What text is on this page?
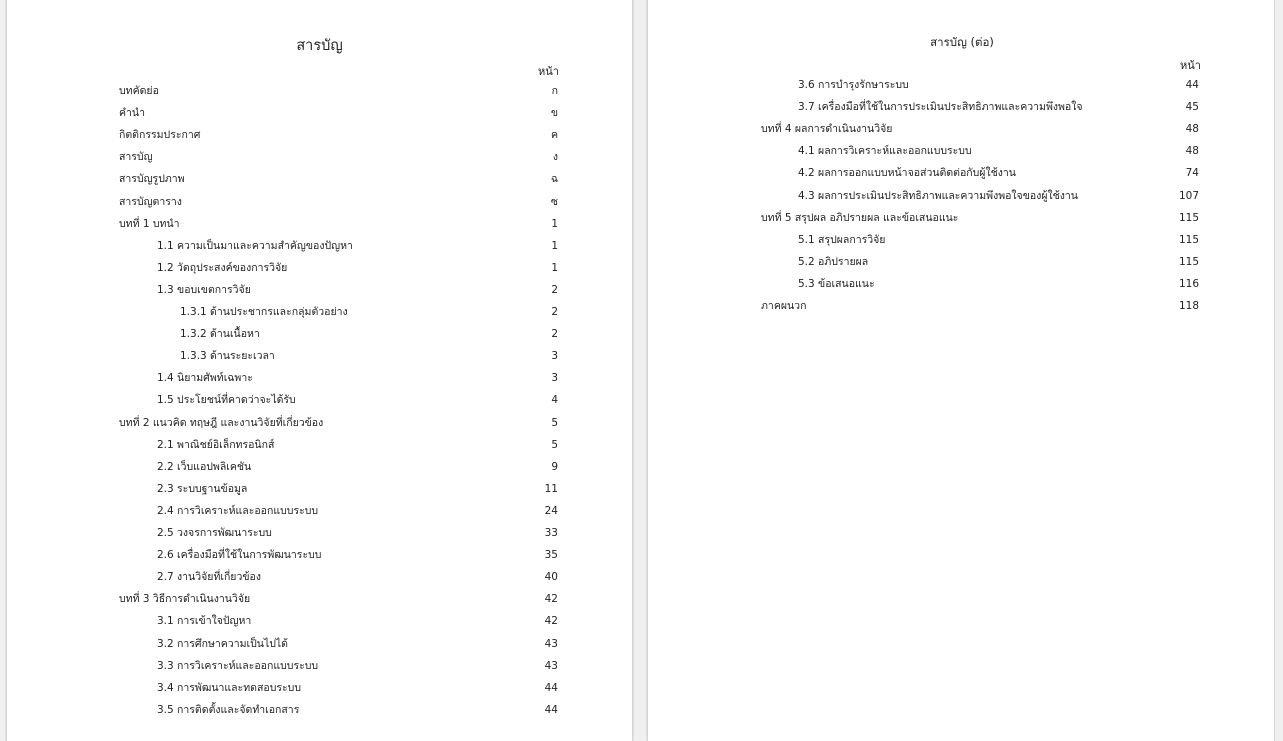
สารบัญ
หน้า
บทคัดย่อ	ก
คำนำ	ข
กิตติกรรมประกาศ	ค
สารบัญ	ง
สารบัญรูปภาพ	ฉ
สารบัญตาราง	ซ
บทที่ 1 บทนำ	1
1.1 ความเป็นมาและความสำคัญของปัญหา	1
1.2 วัตถุประสงค์ของการวิจัย	1
1.3 ขอบเขตการวิจัย	2
1.3.1 ด้านประชากรและกลุ่มตัวอย่าง	2
1.3.2 ด้านเนื้อหา	2
1.3.3 ด้านระยะเวลา	3
1.4 นิยามศัพท์เฉพาะ	3
1.5 ประโยชน์ที่คาดว่าจะได้รับ	4
บทที่ 2 แนวคิด ทฤษฎี และงานวิจัยที่เกี่ยวข้อง	5
2.1 พาณิชย์อิเล็กทรอนิกส์	5
2.2 เว็บแอปพลิเคชัน	9
2.3 ระบบฐานข้อมูล	11
2.4 การวิเคราะห์และออกแบบระบบ	24
2.5 วงจรการพัฒนาระบบ	33
2.6 เครื่องมือที่ใช้ในการพัฒนาระบบ	35
2.7 งานวิจัยที่เกี่ยวข้อง	40
บทที่ 3 วิธีการดำเนินงานวิจัย	42
3.1 การเข้าใจปัญหา	42
3.2 การศึกษาความเป็นไปได้	43
3.3 การวิเคราะห์และออกแบบระบบ	43
3.4 การพัฒนาและทดสอบระบบ	44
3.5 การติดตั้งและจัดทำเอกสาร	44
สารบัญ (ต่อ)
หน้า
3.6 การบำรุงรักษาระบบ	44
3.7 เครื่องมือที่ใช้ในการประเมินประสิทธิภาพและความพึงพอใจ	45
บทที่ 4 ผลการดำเนินงานวิจัย	48
4.1 ผลการวิเคราะห์และออกแบบระบบ	48
4.2 ผลการออกแบบหน้าจอส่วนติดต่อกับผู้ใช้งาน	74
4.3 ผลการประเมินประสิทธิภาพและความพึงพอใจของผู้ใช้งาน	107
บทที่ 5 สรุปผล อภิปรายผล และข้อเสนอแนะ	115
5.1 สรุปผลการวิจัย	115
5.2 อภิปรายผล	115
5.3 ข้อเสนอแนะ	116
ภาคผนวก	118
